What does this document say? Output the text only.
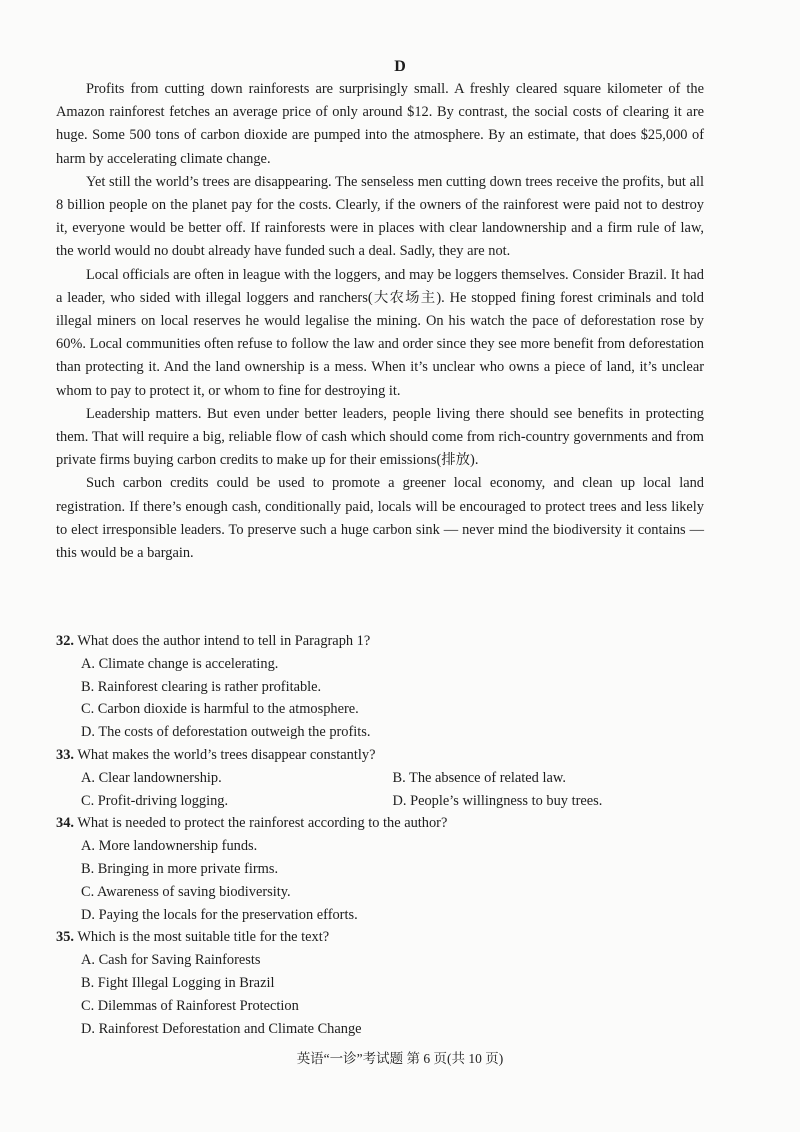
D

Profits from cutting down rainforests are surprisingly small. A freshly cleared square kilometer of the Amazon rainforest fetches an average price of only around $12. By contrast, the social costs of clearing it are huge. Some 500 tons of carbon dioxide are pumped into the atmosphere. By an estimate, that does $25,000 of harm by accelerating climate change.

Yet still the world’s trees are disappearing. The senseless men cutting down trees receive the profits, but all 8 billion people on the planet pay for the costs. Clearly, if the owners of the rainforest were paid not to destroy it, everyone would be better off. If rainforests were in places with clear landownership and a firm rule of law, the world would no doubt already have funded such a deal. Sadly, they are not.

Local officials are often in league with the loggers, and may be loggers themselves. Consider Brazil. It had a leader, who sided with illegal loggers and ranchers(大农场主). He stopped fining forest criminals and told illegal miners on local reserves he would legalise the mining. On his watch the pace of deforestation rose by 60%. Local communities often refuse to follow the law and order since they see more benefit from deforestation than protecting it. And the land ownership is a mess. When it’s unclear who owns a piece of land, it’s unclear whom to pay to protect it, or whom to fine for destroying it.

Leadership matters. But even under better leaders, people living there should see benefits in protecting them. That will require a big, reliable flow of cash which should come from rich-country governments and from private firms buying carbon credits to make up for their emissions(排放).

Such carbon credits could be used to promote a greener local economy, and clean up local land registration. If there’s enough cash, conditionally paid, locals will be encouraged to protect trees and less likely to elect irresponsible leaders. To preserve such a huge carbon sink — never mind the biodiversity it contains — this would be a bargain.

32. What does the author intend to tell in Paragraph 1?
A. Climate change is accelerating.
B. Rainforest clearing is rather profitable.
C. Carbon dioxide is harmful to the atmosphere.
D. The costs of deforestation outweigh the profits.
33. What makes the world’s trees disappear constantly?
A. Clear landownership.	B. The absence of related law.
C. Profit-driving logging.	D. People’s willingness to buy trees.
34. What is needed to protect the rainforest according to the author?
A. More landownership funds.
B. Bringing in more private firms.
C. Awareness of saving biodiversity.
D. Paying the locals for the preservation efforts.
35. Which is the most suitable title for the text?
A. Cash for Saving Rainforests
B. Fight Illegal Logging in Brazil
C. Dilemmas of Rainforest Protection
D. Rainforest Deforestation and Climate Change
英语“一诊”考试题 第 6 页(共 10 页)
